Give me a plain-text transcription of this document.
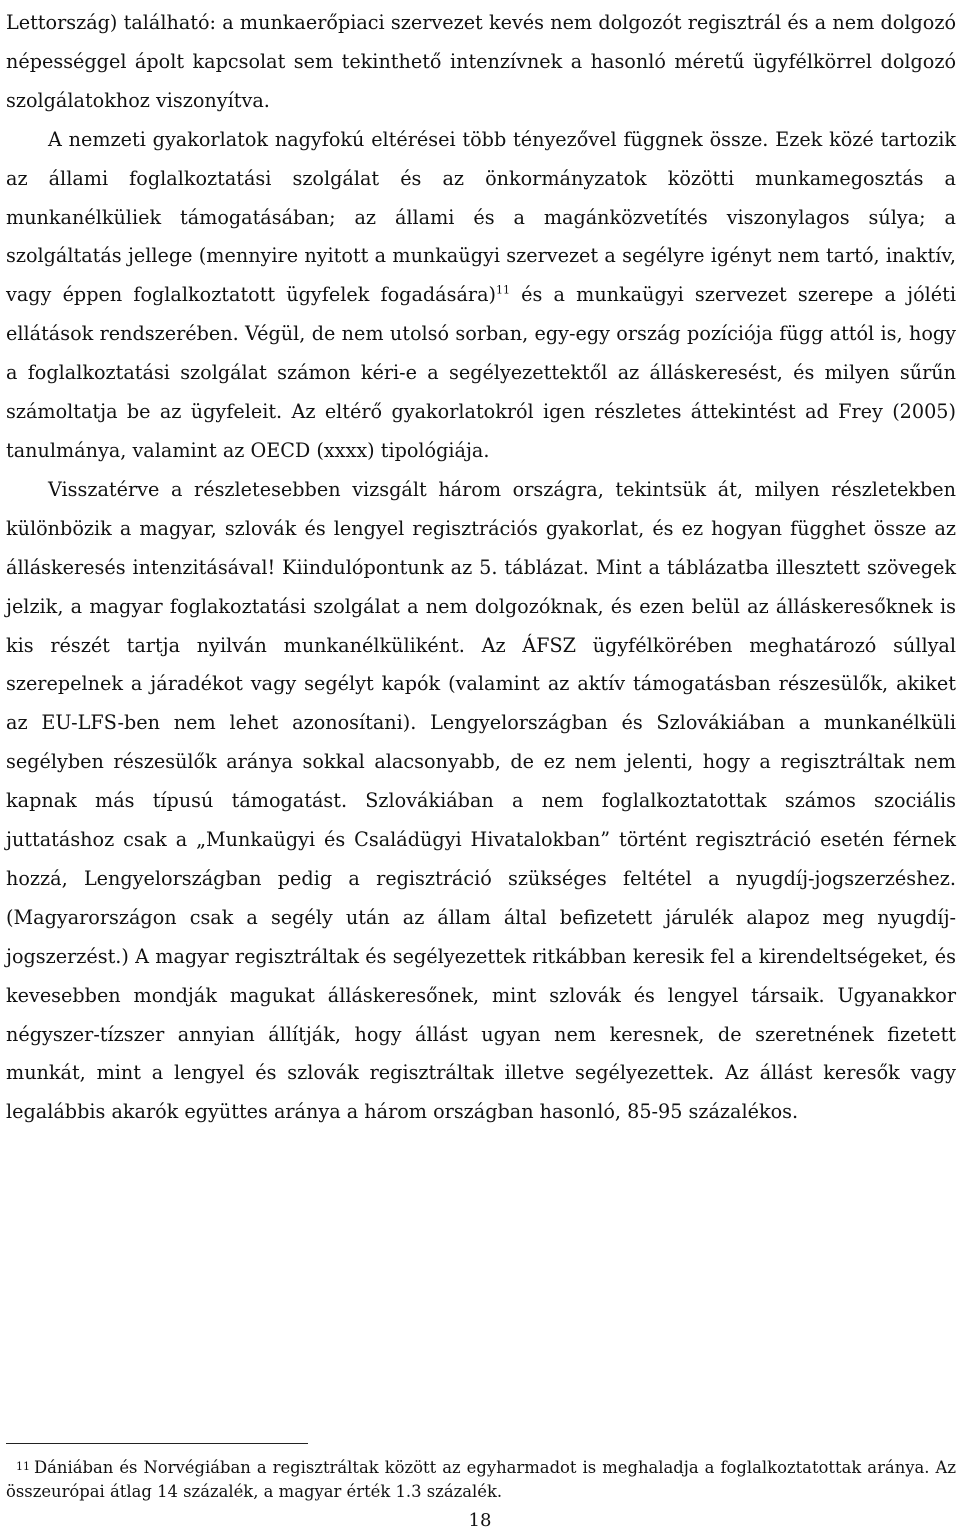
Lettország) található: a munkaerőpiaci szervezet kevés nem dolgozót regisztrál és a nem dolgozó népességgel ápolt kapcsolat sem tekinthető intenzívnek a hasonló méretű ügyfélkörrel dolgozó szolgálatokhoz viszonyítva.

A nemzeti gyakorlatok nagyfokú eltérései több tényezővel függnek össze. Ezek közé tartozik az állami foglalkoztatási szolgálat és az önkormányzatok közötti munkamegosztás a munkanélküliek támogatásában; az állami és a magánközvetítés viszonylagos súlya; a szolgáltatás jellege (mennyire nyitott a munkaügyi szervezet a segélyre igényt nem tartó, inaktív, vagy éppen foglalkoztatott ügyfelek fogadására)$^{11}$ és a munkaügyi szervezet szerepe a jóléti ellátások rendszerében. Végül, de nem utolsó sorban, egy-egy ország pozíciója függ attól is, hogy a foglalkoztatási szolgálat számon kéri-e a segélyezettektől az álláskeresést, és milyen sűrűn számoltatja be az ügyfeleit. Az eltérő gyakorlatokról igen részletes áttekintést ad Frey (2005) tanulmánya, valamint az OECD (xxxx) tipológiája.

Visszatérve a részletesebben vizsgált három országra, tekintsük át, milyen részletekben különbözik a magyar, szlovák és lengyel regisztrációs gyakorlat, és ez hogyan függhet össze az álláskeresés intenzitásával! Kiindulópontunk az 5. táblázat. Mint a táblázatba illesztett szövegek jelzik, a magyar foglakoztatási szolgálat a nem dolgozóknak, és ezen belül az álláskeresőknek is kis részét tartja nyilván munkanélküliként. Az ÁFSZ ügyfélkörében meghatározó súllyal szerepelnek a járadékot vagy segélyt kapók (valamint az aktív támogatásban részesülők, akiket az EU-LFS-ben nem lehet azonosítani). Lengyelországban és Szlovákiában a munkanélküli segélyben részesülők aránya sokkal alacsonyabb, de ez nem jelenti, hogy a regisztráltak nem kapnak más típusú támogatást. Szlovákiában a nem foglalkoztatottak számos szociális juttatáshoz csak a „Munkaügyi és Családügyi Hivatalokban” történt regisztráció esetén férnek hozzá, Lengyelországban pedig a regisztráció szükséges feltétel a nyugdíj-jogszerzéshez. (Magyarországon csak a segély után az állam által befizetett járulék alapoz meg nyugdíj-jogszerzést.) A magyar regisztráltak és segélyezettek ritkábban keresik fel a kirendeltségeket, és kevesebben mondják magukat álláskeresőnek, mint szlovák és lengyel társaik. Ugyanakkor négyszer-tízszer annyian állítják, hogy állást ugyan nem keresnek, de szeretnének fizetett munkát, mint a lengyel és szlovák regisztráltak illetve segélyezettek. Az állást keresők vagy legalábbis akarók együttes aránya a három országban hasonló, 85-95 százalékos.

11 Dániában és Norvégiában a regisztráltak között az egyharmadot is meghaladja a foglalkoztatottak aránya. Az összeurópai átlag 14 százalék, a magyar érték 1.3 százalék.
18
